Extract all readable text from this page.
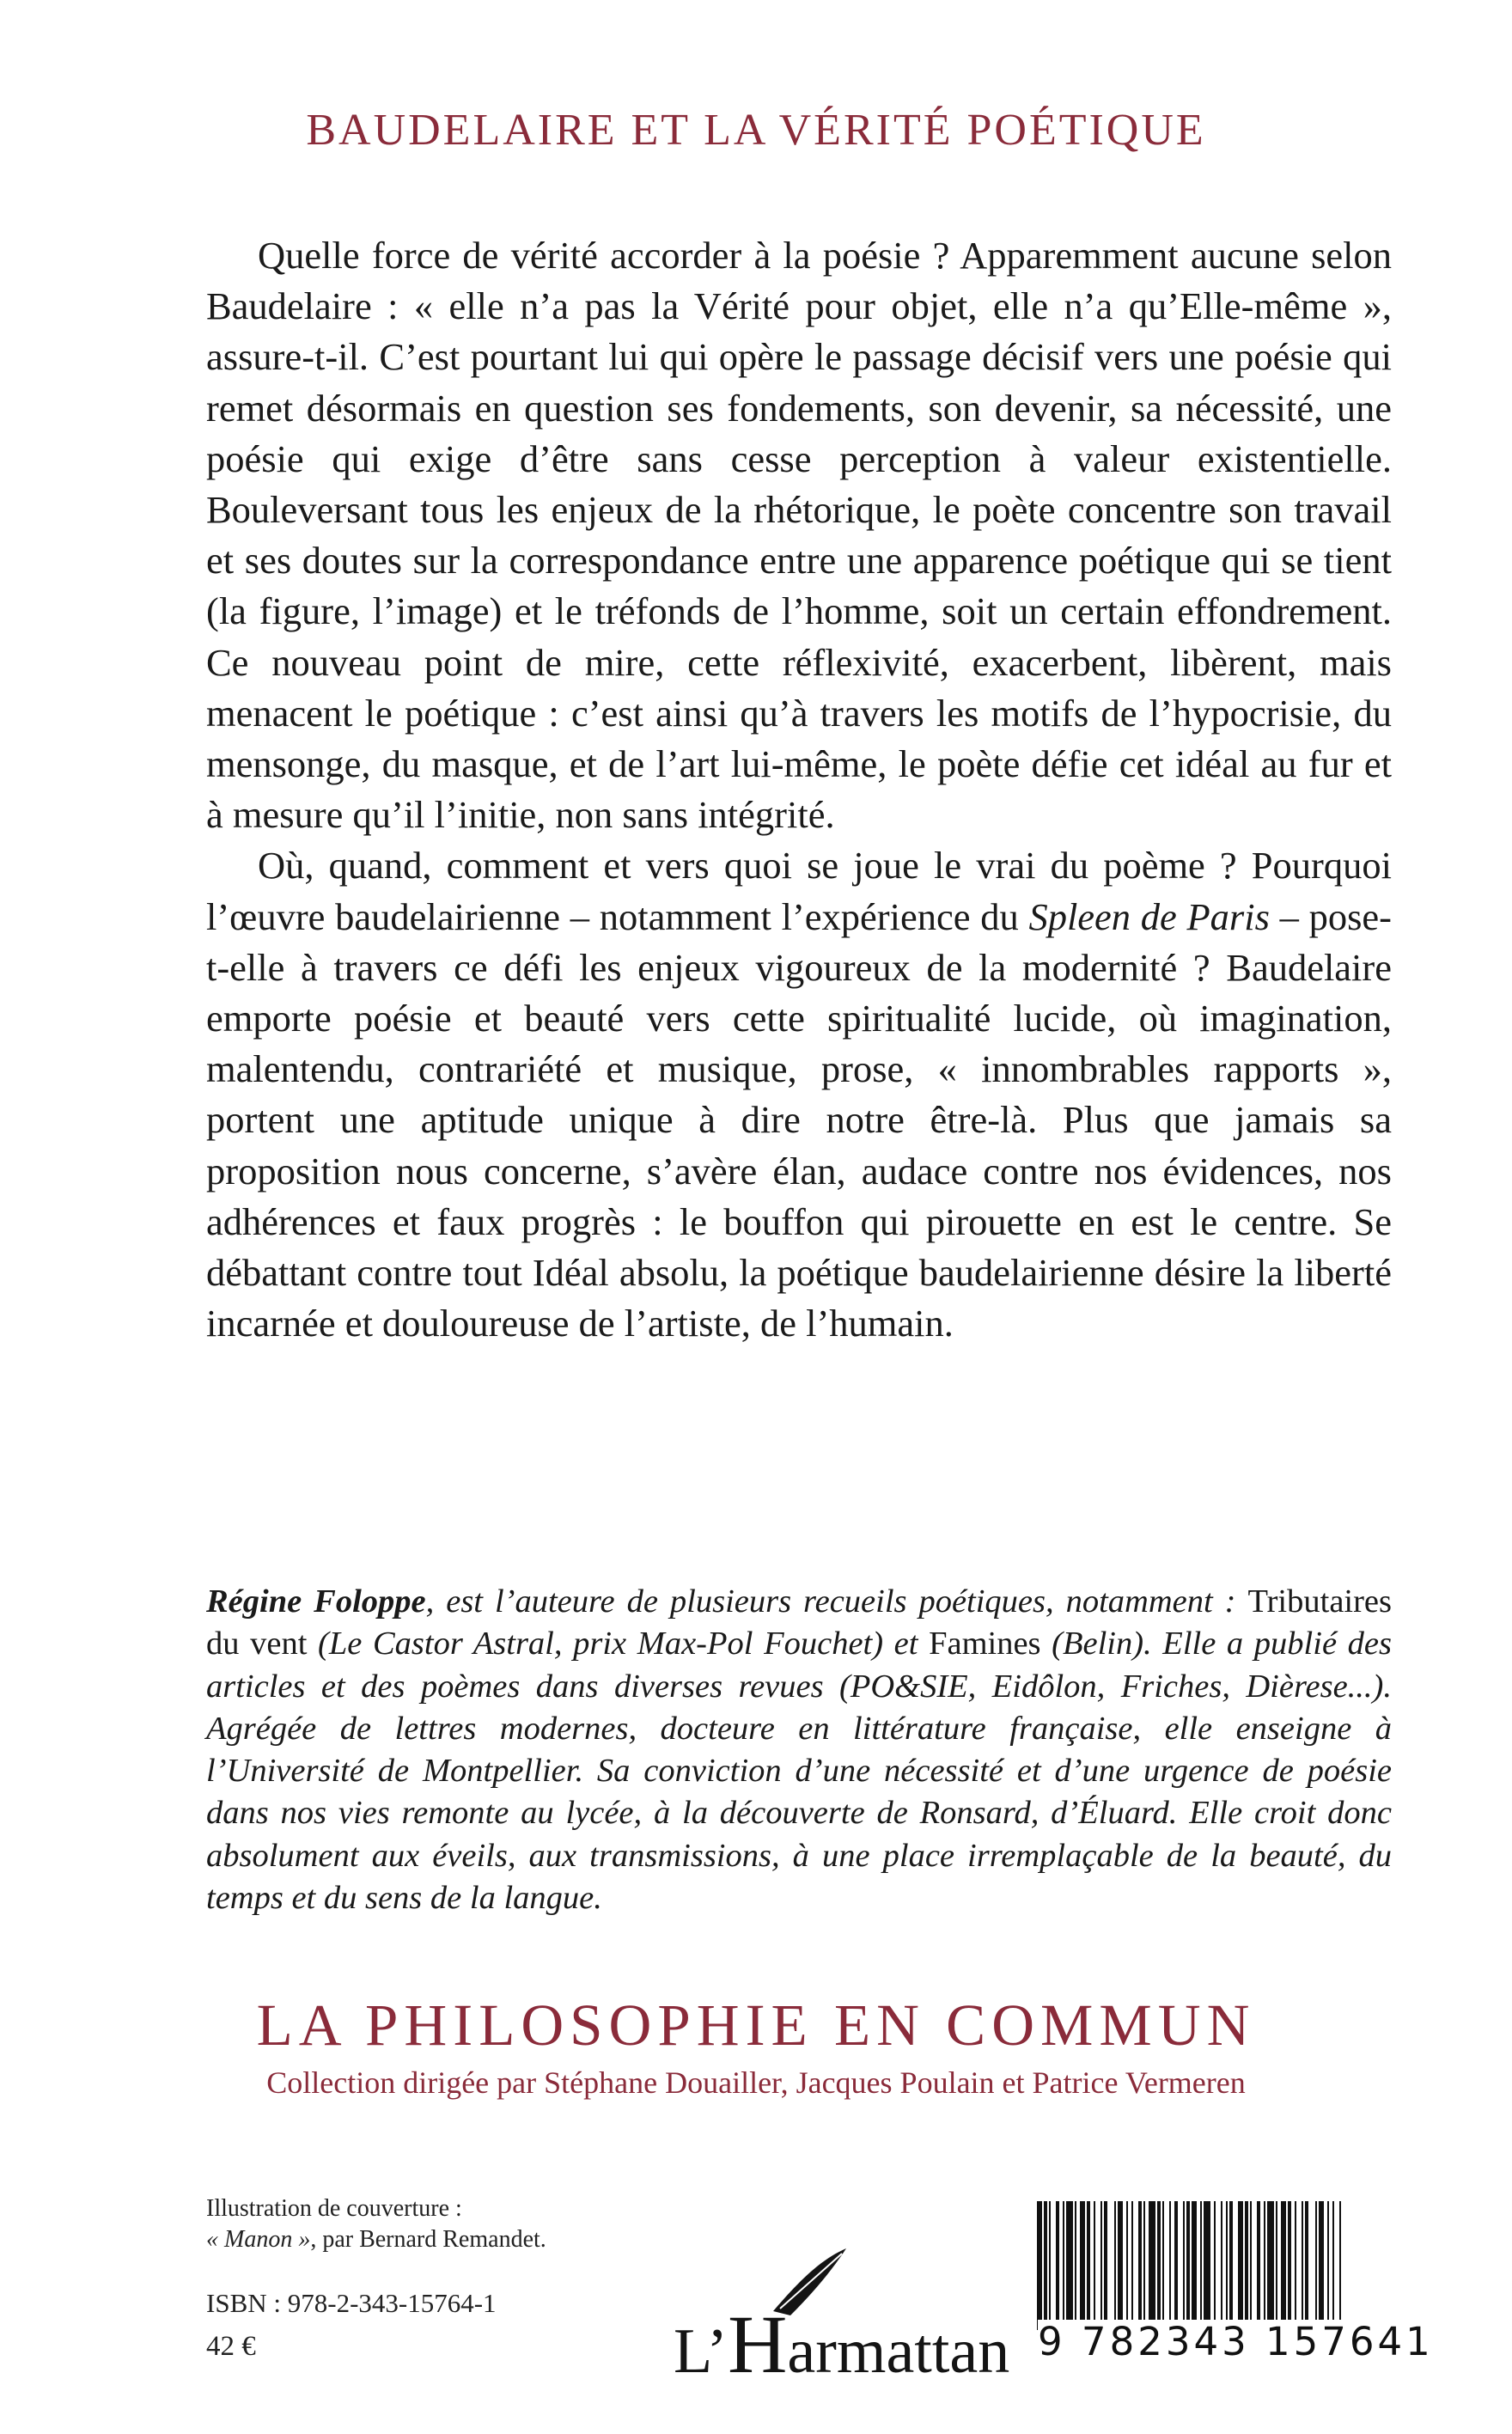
BAUDELAIRE ET LA VÉRITÉ POÉTIQUE

Quelle force de vérité accorder à la poésie ? Apparemment aucune selon Baudelaire : « elle n’a pas la Vérité pour objet, elle n’a qu’Elle-même », assure-t-il. C’est pourtant lui qui opère le passage décisif vers une poésie qui remet désormais en question ses fondements, son devenir, sa nécessité, une poésie qui exige d’être sans cesse perception à valeur existentielle. Bouleversant tous les enjeux de la rhétorique, le poète concentre son travail et ses doutes sur la correspondance entre une apparence poétique qui se tient (la figure, l’image) et le tréfonds de l’homme, soit un certain effondrement. Ce nouveau point de mire, cette réflexivité, exacerbent, libèrent, mais menacent le poétique : c’est ainsi qu’à travers les motifs de l’hypocrisie, du mensonge, du masque, et de l’art lui-même, le poète défie cet idéal au fur et à mesure qu’il l’initie, non sans intégrité.

Où, quand, comment et vers quoi se joue le vrai du poème ? Pourquoi l’œuvre baudelairienne – notamment l’expérience du Spleen de Paris – pose-t-elle à travers ce défi les enjeux vigoureux de la modernité ? Baudelaire emporte poésie et beauté vers cette spiritualité lucide, où imagination, malentendu, contrariété et musique, prose, « innombrables rapports », portent une aptitude unique à dire notre être-là. Plus que jamais sa proposition nous concerne, s’avère élan, audace contre nos évidences, nos adhérences et faux progrès : le bouffon qui pirouette en est le centre. Se débattant contre tout Idéal absolu, la poétique baudelairienne désire la liberté incarnée et douloureuse de l’artiste, de l’humain.

Régine Foloppe, est l’auteure de plusieurs recueils poétiques, notamment : Tributaires du vent (Le Castor Astral, prix Max-Pol Fouchet) et Famines (Belin). Elle a publié des articles et des poèmes dans diverses revues (PO&SIE, Eidôlon, Friches, Dièrese...). Agrégée de lettres modernes, docteure en littérature française, elle enseigne à l’Université de Montpellier. Sa conviction d’une nécessité et d’une urgence de poésie dans nos vies remonte au lycée, à la découverte de Ronsard, d’Éluard. Elle croit donc absolument aux éveils, aux transmissions, à une place irremplaçable de la beauté, du temps et du sens de la langue.

LA PHILOSOPHIE EN COMMUN
Collection dirigée par Stéphane Douailler, Jacques Poulain et Patrice Vermeren
Illustration de couverture :
« Manon », par Bernard Remandet.
ISBN : 978-2-343-15764-1
42 €	L’Harmattan 9 782343 157641
